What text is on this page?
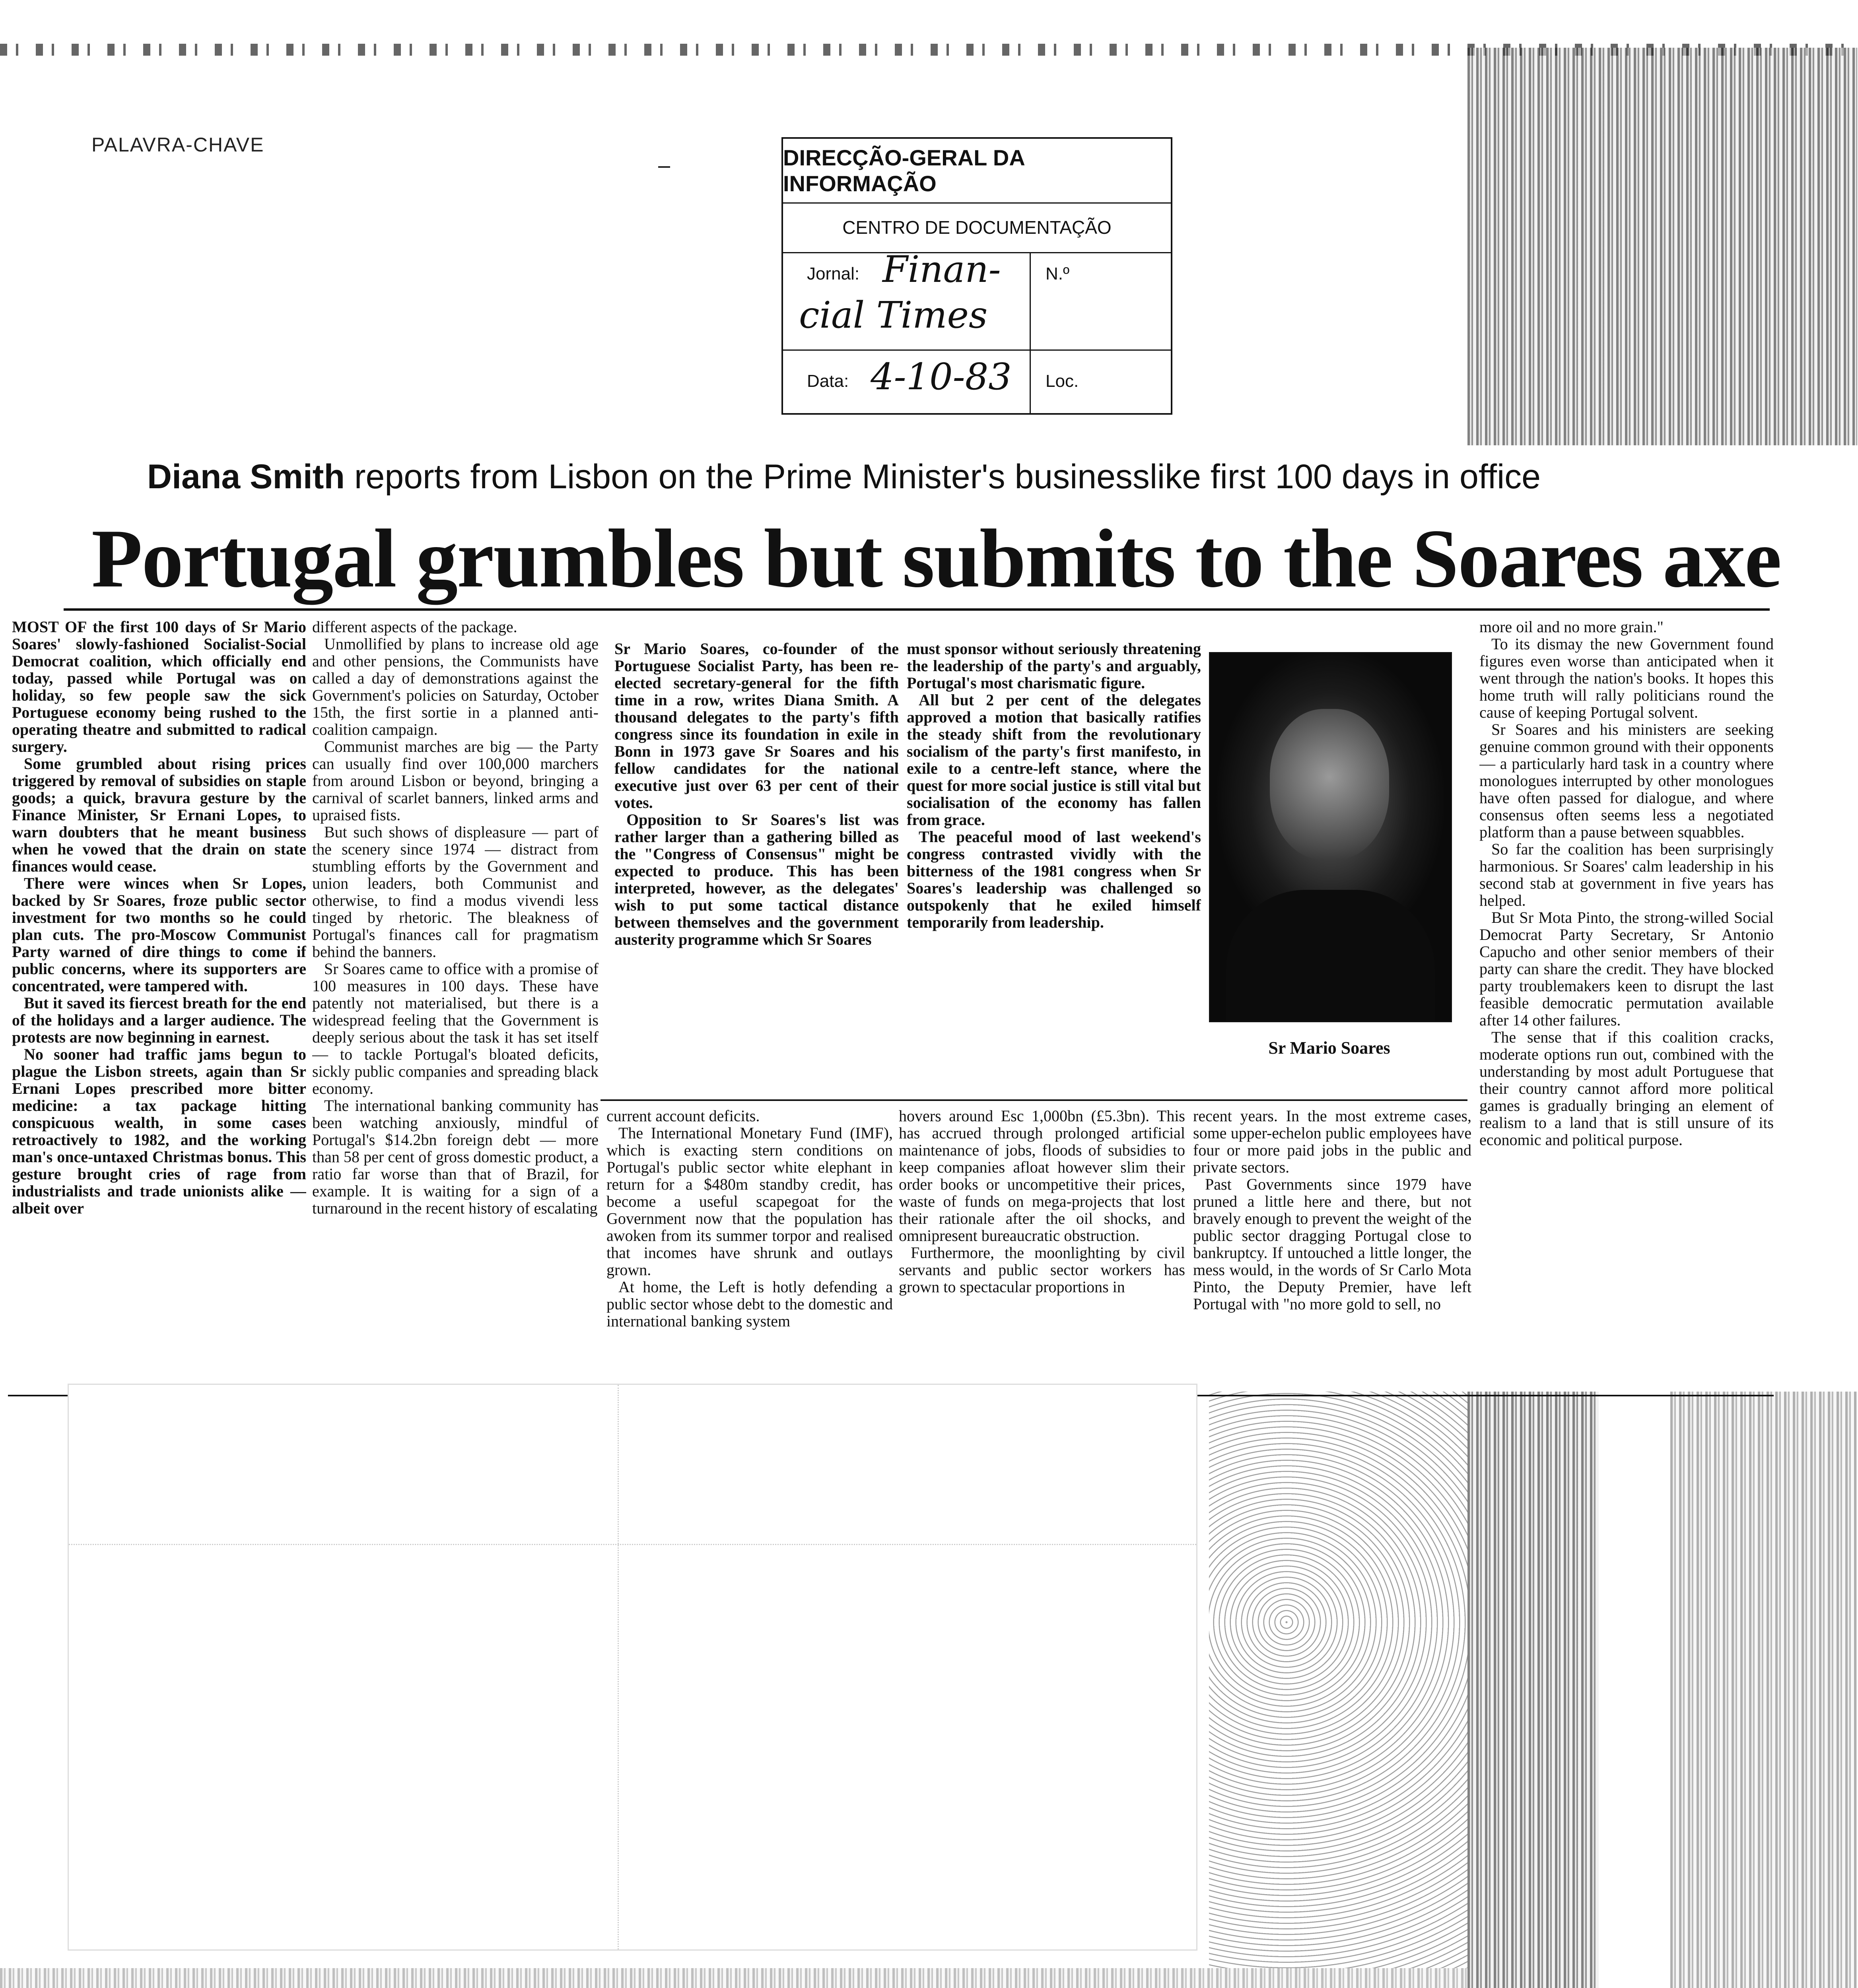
PALAVRA-CHAVE
DIRECÇÃO-GERAL DA INFORMAÇÃO
CENTRO DE DOCUMENTAÇÃO
Jornal: Finan-
cial Times
N.º
Data: 4-10-83 Loc.
Diana Smith reports from Lisbon on the Prime Minister's businesslike first 100 days in office
Portugal grumbles but submits to the Soares axe

MOST OF the first 100 days of Sr Mario Soares' slowly-fashioned Socialist-Social Democrat coalition, which officially end today, passed while Portugal was on holiday, so few people saw the sick Portuguese economy being rushed to the operating theatre and submitted to radical surgery.

Some grumbled about rising prices triggered by removal of subsidies on staple goods; a quick, bravura gesture by the Finance Minister, Sr Ernani Lopes, to warn doubters that he meant business when he vowed that the drain on state finances would cease.

There were winces when Sr Lopes, backed by Sr Soares, froze public sector investment for two months so he could plan cuts. The pro-Moscow Communist Party warned of dire things to come if public concerns, where its supporters are concentrated, were tampered with.

But it saved its fiercest breath for the end of the holidays and a larger audience. The protests are now beginning in earnest.

No sooner had traffic jams begun to plague the Lisbon streets, again than Sr Ernani Lopes prescribed more bitter medicine: a tax package hitting conspicuous wealth, in some cases retroactively to 1982, and the working man's once-untaxed Christmas bonus. This gesture brought cries of rage from industrialists and trade unionists alike — albeit over

different aspects of the package.

Unmollified by plans to increase old age and other pensions, the Communists have called a day of demonstrations against the Government's policies on Saturday, October 15th, the first sortie in a planned anti-coalition campaign.

Communist marches are big — the Party can usually find over 100,000 marchers from around Lisbon or beyond, bringing a carnival of scarlet banners, linked arms and upraised fists.

But such shows of displeasure — part of the scenery since 1974 — distract from stumbling efforts by the Government and union leaders, both Communist and otherwise, to find a modus vivendi less tinged by rhetoric. The bleakness of Portugal's finances call for pragmatism behind the banners.

Sr Soares came to office with a promise of 100 measures in 100 days. These have patently not materialised, but there is a widespread feeling that the Government is deeply serious about the task it has set itself — to tackle Portugal's bloated deficits, sickly public companies and spreading black economy.

The international banking community has been watching anxiously, mindful of Portugal's $14.2bn foreign debt — more than 58 per cent of gross domestic product, a ratio far worse than that of Brazil, for example. It is waiting for a sign of a turnaround in the recent history of escalating

Sr Mario Soares, co-founder of the Portuguese Socialist Party, has been re-elected secretary-general for the fifth time in a row, writes Diana Smith. A thousand delegates to the party's fifth congress since its foundation in exile in Bonn in 1973 gave Sr Soares and his fellow candidates for the national executive just over 63 per cent of their votes.

Opposition to Sr Soares's list was rather larger than a gathering billed as the "Congress of Consensus" might be expected to produce. This has been interpreted, however, as the delegates' wish to put some tactical distance between themselves and the government austerity programme which Sr Soares

must sponsor without seriously threatening the leadership of the party's and arguably, Portugal's most charismatic figure.

All but 2 per cent of the delegates approved a motion that basically ratifies the steady shift from the revolutionary socialism of the party's first manifesto, in exile to a centre-left stance, where the quest for more social justice is still vital but socialisation of the economy has fallen from grace.

The peaceful mood of last weekend's congress contrasted vividly with the bitterness of the 1981 congress when Sr Soares's leadership was challenged so outspokenly that he exiled himself temporarily from leadership.

Sr Mario Soares

current account deficits.

The International Monetary Fund (IMF), which is exacting stern conditions on Portugal's public sector white elephant in return for a $480m standby credit, has become a useful scapegoat for the Government now that the population has awoken from its summer torpor and realised that incomes have shrunk and outlays grown.

At home, the Left is hotly defending a public sector whose debt to the domestic and international banking system

hovers around Esc 1,000bn (£5.3bn). This has accrued through prolonged artificial maintenance of jobs, floods of subsidies to keep companies afloat however slim their order books or uncompetitive their prices, waste of funds on mega-projects that lost their rationale after the oil shocks, and omnipresent bureaucratic obstruction.

Furthermore, the moonlighting by civil servants and public sector workers has grown to spectacular proportions in

recent years. In the most extreme cases, some upper-echelon public employees have four or more paid jobs in the public and private sectors.

Past Governments since 1979 have pruned a little here and there, but not bravely enough to prevent the weight of the public sector dragging Portugal close to bankruptcy. If untouched a little longer, the mess would, in the words of Sr Carlo Mota Pinto, the Deputy Premier, have left Portugal with "no more gold to sell, no

more oil and no more grain."

To its dismay the new Government found figures even worse than anticipated when it went through the nation's books. It hopes this home truth will rally politicians round the cause of keeping Portugal solvent.

Sr Soares and his ministers are seeking genuine common ground with their opponents — a particularly hard task in a country where monologues interrupted by other monologues have often passed for dialogue, and where consensus often seems less a negotiated platform than a pause between squabbles.

So far the coalition has been surprisingly harmonious. Sr Soares' calm leadership in his second stab at government in five years has helped.

But Sr Mota Pinto, the strong-willed Social Democrat Party Secretary, Sr Antonio Capucho and other senior members of their party can share the credit. They have blocked party troublemakers keen to disrupt the last feasible democratic permutation available after 14 other failures.

The sense that if this coalition cracks, moderate options run out, combined with the understanding by most adult Portuguese that their country cannot afford more political games is gradually bringing an element of realism to a land that is still unsure of its economic and political purpose.
